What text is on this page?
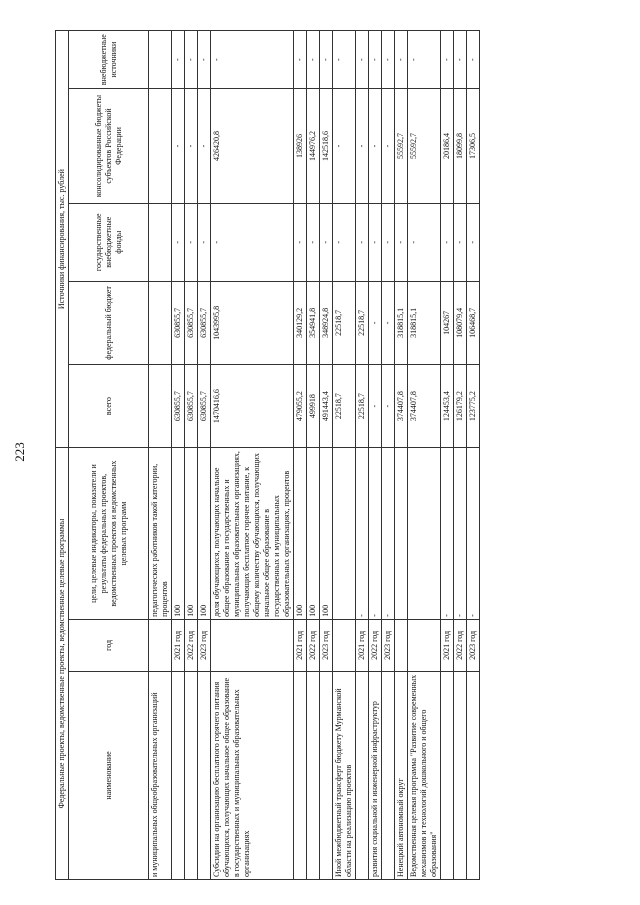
223
Федеральные проекты, ведомственные проекты, ведомственные целевые программы			Источники финансирования, тыс. рублей				
наименование	год	цели, целевые индикаторы, показатели и результаты федеральных проектов, ведомственных проектов и ведомственных целевых программ	всего	федеральный бюджет	государственные внебюджетные фонды	консолидированные бюджеты субъектов Российской Федерации	внебюджетные источники
и муниципальных общеобразовательных организаций		педагогических работников такой категории, процентов					
	2021 год	100	630855,7	630855,7	-	-	-
	2022 год	100	630855,7	630855,7	-	-	-
	2023 год	100	630855,7	630855,7	-	-	-
Субсидии на организацию бесплатного горячего питания обучающихся, получающих начальное общее образование в государственных и муниципальных образовательных организациях		доля обучающихся, получающих начальное общее образование в государственных и муниципальных образовательных организациях, получающих бесплатное горячее питание, к общему количеству обучающихся, получающих начальное общее образование в государственных и муниципальных образовательных организациях, процентов	1470416,6	1043995,8	-	426420,8	-
	2021 год	100	479055,2	340129,2	-	138926	-
	2022 год	100	499918	354941,8	-	144976,2	-
	2023 год	100	491443,4	348924,8	-	142518,6	-
Иной межбюджетный трансферт бюджету Мурманской области на реализацию проектов			22518,7	22518,7	-	-	-
	2021 год	-	22518,7	22518,7	-	-	-
развития социальной и инженерной инфраструктур	2022 год	-	-	-	-	-	-
	2023 год	-	-	-	-	-	-
Ненецкий автономный округ			374407,8	318815,1	-	55592,7	-
Ведомственная целевая программа "Развитие современных механизмов и технологий дошкольного и общего образования"			374407,8	318815,1	-	55592,7	-
	2021 год	-	124453,4	104267	-	20186,4	-
	2022 год	-	126179,2	108079,4	-	18099,8	-
	2023 год	-	123775,2	106468,7	-	17306,5	-
